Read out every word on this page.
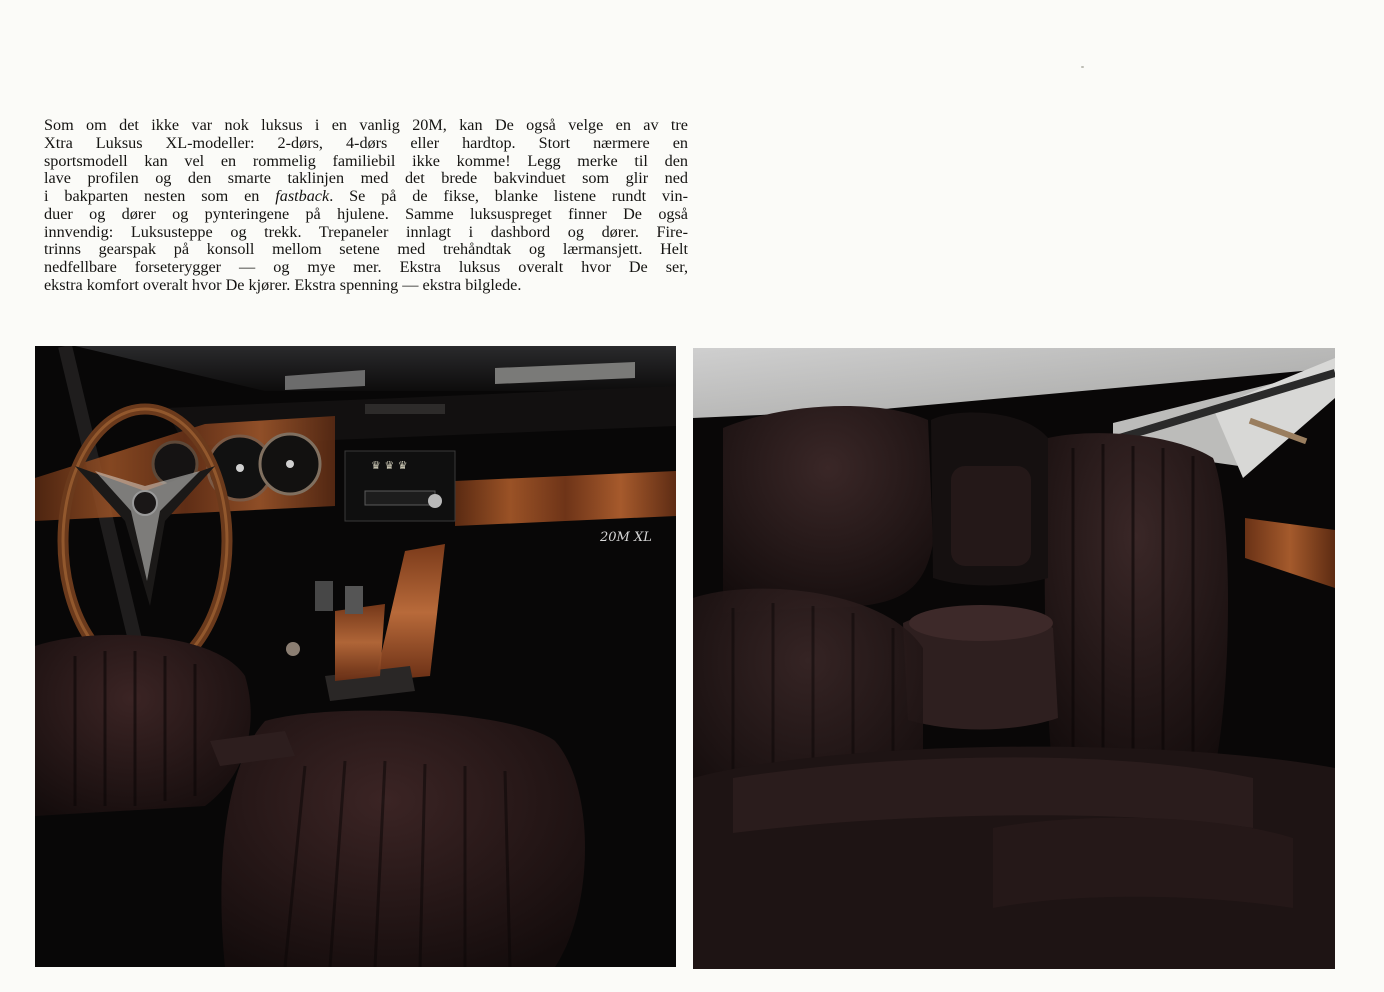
Som om det ikke var nok luksus i en vanlig 20M, kan De også velge en av tre
Xtra Luksus XL-modeller: 2-dørs, 4-dørs eller hardtop. Stort nærmere en
sportsmodell kan vel en rommelig familiebil ikke komme! Legg merke til den
lave profilen og den smarte taklinjen med det brede bakvinduet som glir ned
i bakparten nesten som en fastback. Se på de fikse, blanke listene rundt vin-
duer og dører og pynteringene på hjulene. Samme luksuspreget finner De også
innvendig: Luksusteppe og trekk. Trepaneler innlagt i dashbord og dører. Fire-
trinns gearspak på konsoll mellom setene med trehåndtak og lærmansjett. Helt
nedfellbare forseterygger — og mye mer. Ekstra luksus overalt hvor De ser,
ekstra komfort overalt hvor De kjører. Ekstra spenning — ekstra bilglede.

♛ ♛ ♛
20M XL
